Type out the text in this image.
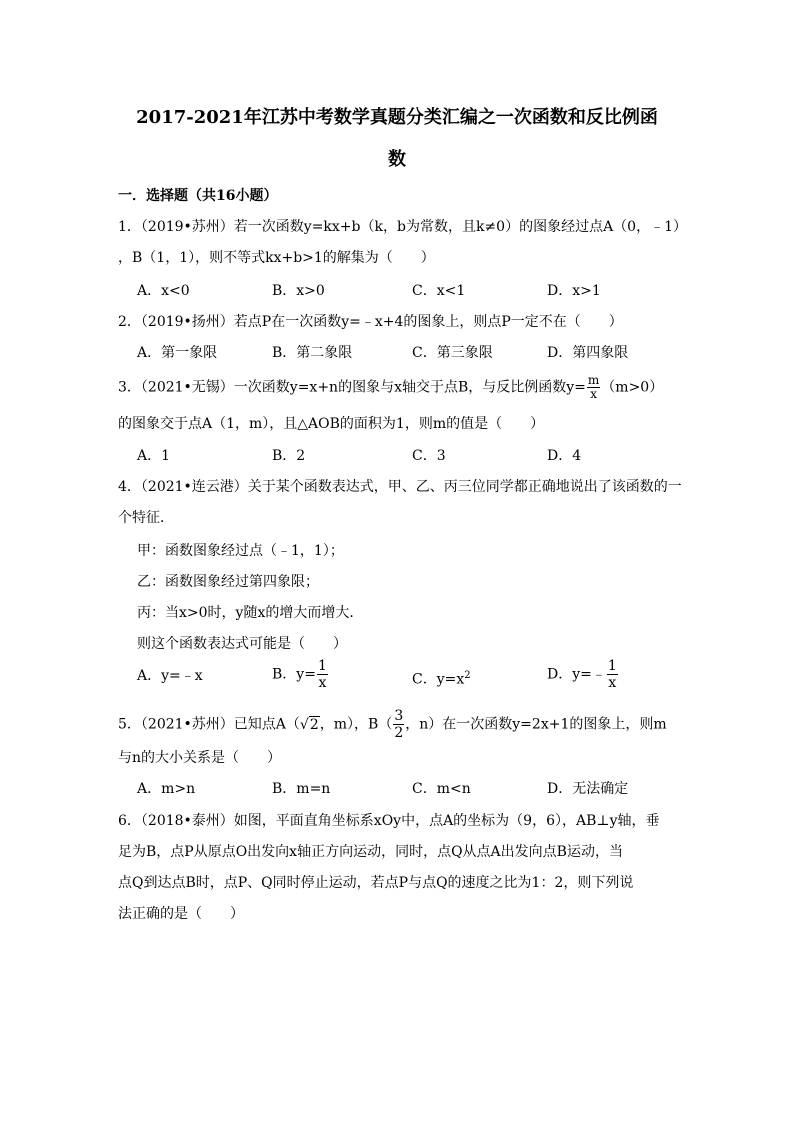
2017-2021年江苏中考数学真题分类汇编之一次函数和反比例函
数
一．选择题（共16小题）
1．（2019•苏州）若一次函数y=kx+b（k，b为常数，且k≠0）的图象经过点A（0，﹣1）
，B（1，1），则不等式kx+b>1的解集为（　　）
A．x<0	B．x>0	C．x<1	D．x>1
2．（2019•扬州）若点P在一次函数y=﹣x+4的图象上，则点P一定不在（　　）
A．第一象限	B．第二象限	C．第三象限	D．第四象限
3．（2021•无锡）一次函数y=x+n的图象与x轴交于点B，与反比例函数$y= \frac{m}{x} (m>0)$
的图象交于点A（1，m），且△AOB的面积为1，则m的值是（　　）
A．1	B．2	C．3	D．4
4．（2021•连云港）关于某个函数表达式，甲、乙、丙三位同学都正确地说出了该函数的一
个特征．
甲：函数图象经过点（﹣1，1）；
乙：函数图象经过第四象限；
丙：当x>0时，y随x的增大而增大．
则这个函数表达式可能是（　　）
A．y=﹣x	B．$y= \frac{1}{x}$	C．$y=x^2$	D．y=﹣ $\frac{1}{x}$
5．（2021•苏州）已知点A（√2，m），$B( \frac{3}{2}$ ，n）在一次函数y=2x+1的图象上，则m
与n的大小关系是（　　）
A．m>n	B．m=n	C．m<n	D．无法确定
6．（2018•泰州）如图，平面直角坐标系xOy中，点A的坐标为（9，6），AB⊥y轴，垂
足为B，点P从原点O出发向x轴正方向运动，同时，点Q从点A出发向点B运动，当
点Q到达点B时，点P、Q同时停止运动，若点P与点Q的速度之比为1：2，则下列说
法正确的是（　　）
